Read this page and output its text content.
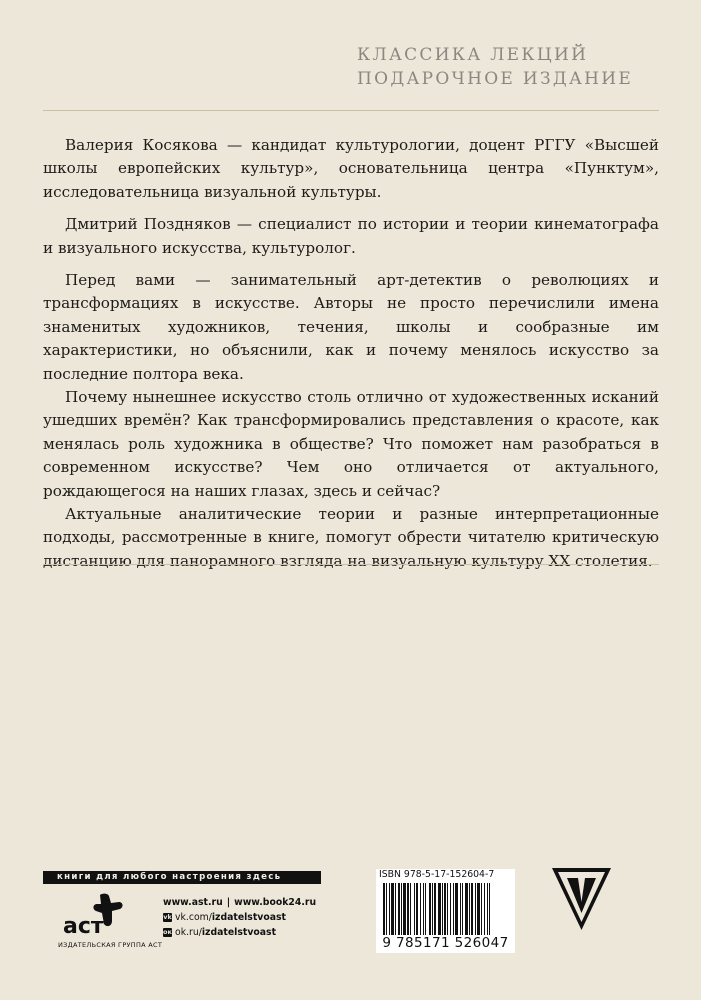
КЛАССИКА ЛЕКЦИЙ
ПОДАРОЧНОЕ ИЗДАНИЕ

Валерия Косякова — кандидат культурологии, доцент РГГУ «Высшей школы европейских культур», основательница центра «Пунктум», исследовательница визуальной культуры.

Дмитрий Поздняков — специалист по истории и теории кинематографа и визуального искусства, культуролог.

Перед вами — занимательный арт-детектив о революциях и трансформациях в искусстве. Авторы не просто перечислили имена знаменитых художников, течения, школы и сообразные им характеристики, но объяснили, как и почему менялось искусство за последние полтора века.

Почему нынешнее искусство столь отлично от художественных исканий ушедших времён? Как трансформировались представления о красоте, как менялась роль художника в обществе? Что поможет нам разобраться в современном искусстве? Чем оно отличается от актуального, рождающегося на наших глазах, здесь и сейчас?

Актуальные аналитические теории и разные интерпретационные подходы, рассмотренные в книге, помогут обрести читателю критическую дистанцию для панорамного взгляда на визуальную культуру ХХ столетия.

книги для любого настроения здесь
аст
ИЗДАТЕЛЬСКАЯ ГРУППА АСТ
www.ast.ru | www.book24.ru
vk vk.com/ izdatelstvoast
ок ok.ru/ izdatelstvoast
ISBN 978-5-17-152604-7
9 785171 526047
